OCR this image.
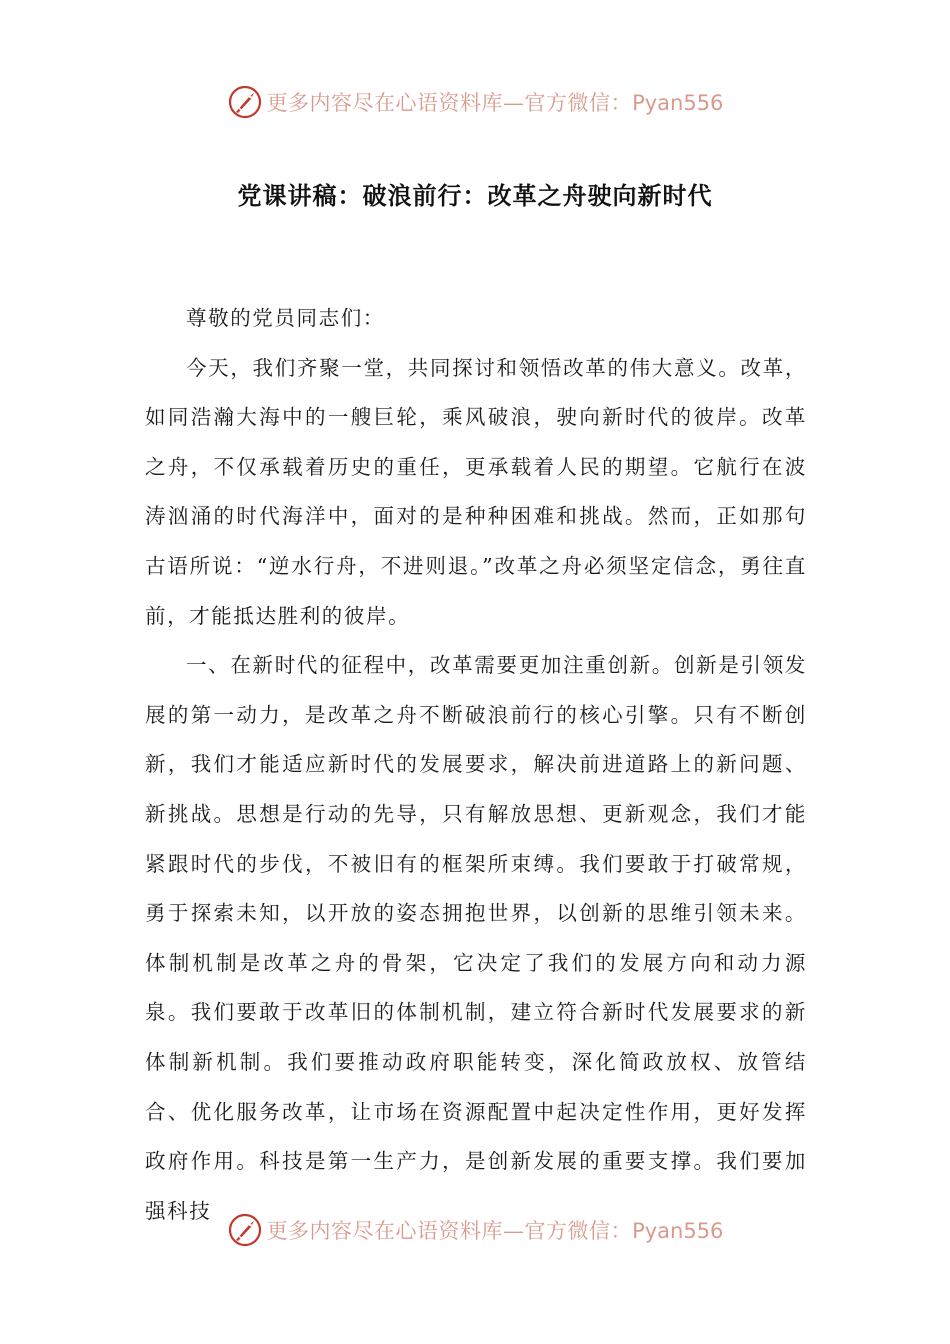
更多内容尽在心语资料库—官方微信：Pyan556
党课讲稿：破浪前行：改革之舟驶向新时代

尊敬的党员同志们：

今天，我们齐聚一堂，共同探讨和领悟改革的伟大意义。改革，如同浩瀚大海中的一艘巨轮，乘风破浪，驶向新时代的彼岸。改革之舟，不仅承载着历史的重任，更承载着人民的期望。它航行在波涛汹涌的时代海洋中，面对的是种种困难和挑战。然而，正如那句古语所说：“逆水行舟，不进则退。”改革之舟必须坚定信念，勇往直前，才能抵达胜利的彼岸。

一、在新时代的征程中，改革需要更加注重创新。创新是引领发展的第一动力，是改革之舟不断破浪前行的核心引擎。只有不断创新，我们才能适应新时代的发展要求，解决前进道路上的新问题、新挑战。思想是行动的先导，只有解放思想、更新观念，我们才能紧跟时代的步伐，不被旧有的框架所束缚。我们要敢于打破常规，勇于探索未知，以开放的姿态拥抱世界，以创新的思维引领未来。体制机制是改革之舟的骨架，它决定了我们的发展方向和动力源泉。我们要敢于改革旧的体制机制，建立符合新时代发展要求的新体制新机制。我们要推动政府职能转变，深化简政放权、放管结合、优化服务改革，让市场在资源配置中起决定性作用，更好发挥政府作用。科技是第一生产力，是创新发展的重要支撑。我们要加强科技

更多内容尽在心语资料库—官方微信：Pyan556
